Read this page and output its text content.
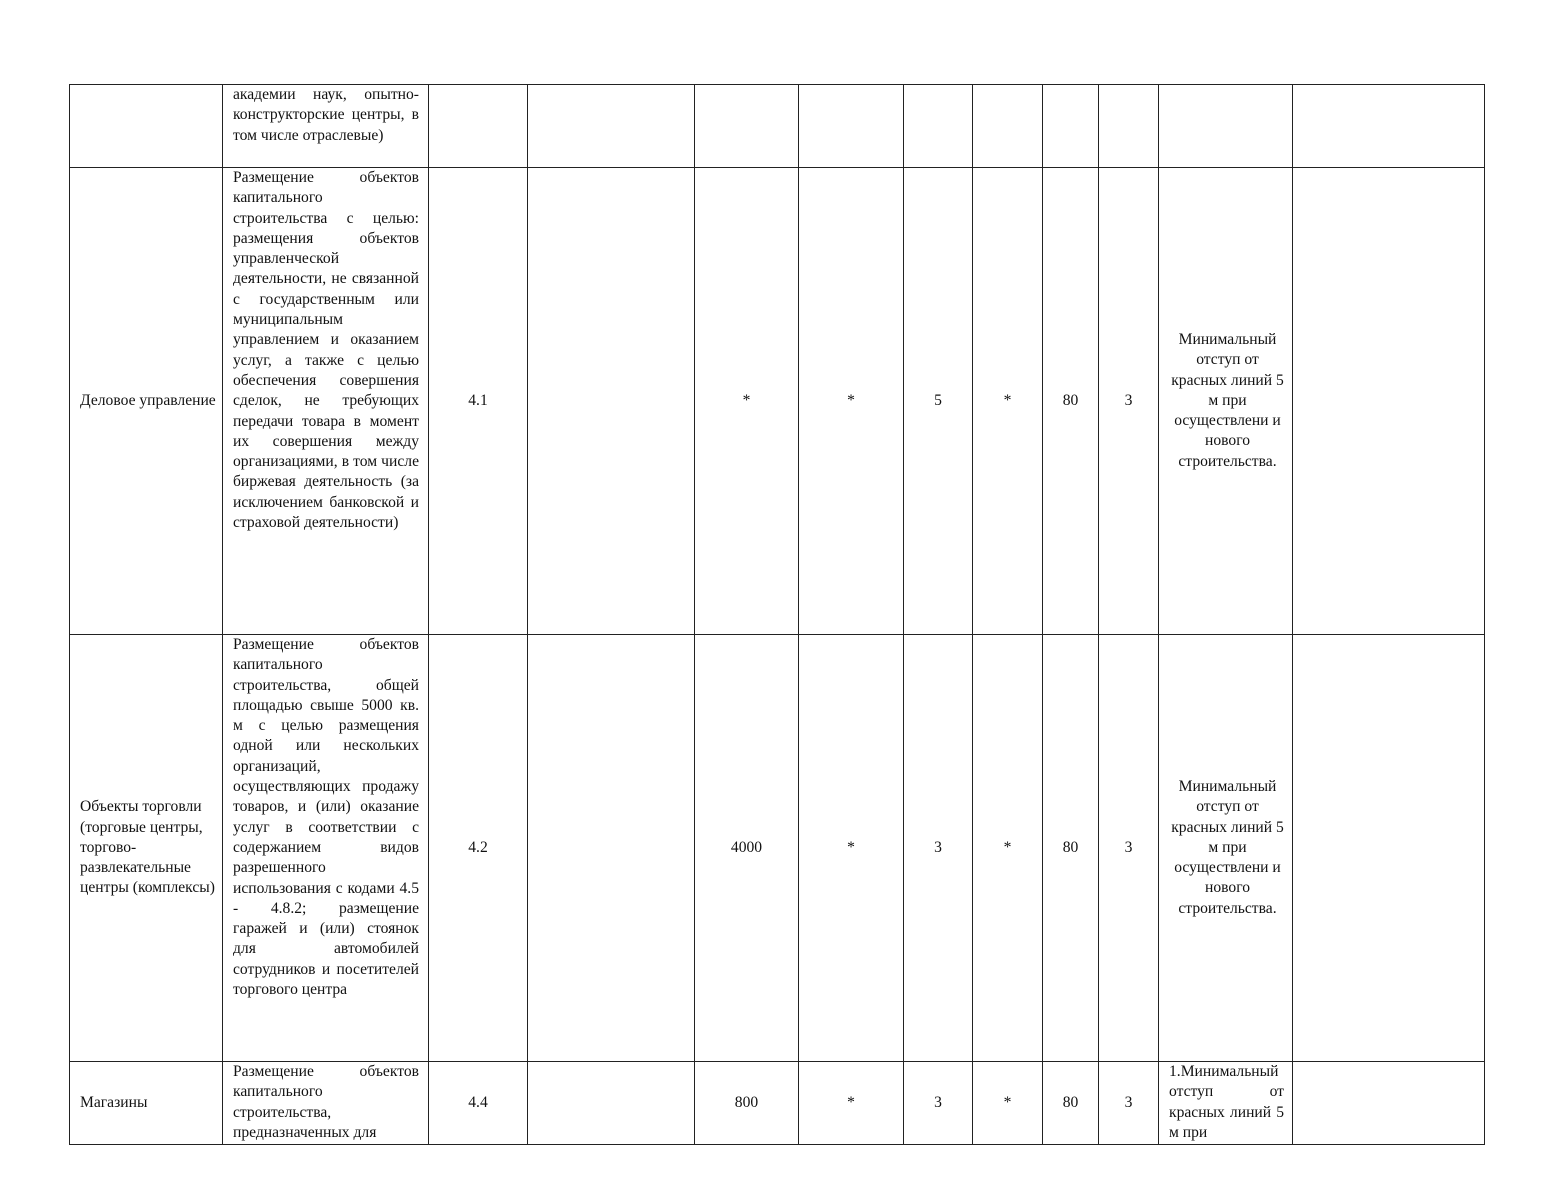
	академии наук, опытно-конструкторские центры, в том числе отраслевые)										

Деловое управление	Размещение объектов капитального строительства с целью: размещения объектов управленческой деятельности, не связанной с государственным или муниципальным управлением и оказанием услуг, а также с целью обеспечения совершения сделок, не требующих передачи товара в момент их совершения между организациями, в том числе биржевая деятельность (за исключением банковской и страховой деятельности)	4.1		*	*	5	*	80	3	Минимальный отступ от красных линий 5 м при осуществлени и нового строительства.	
Объекты торговли (торговые центры, торгово-развлекательные центры (комплексы)	Размещение объектов капитального строительства, общей площадью свыше 5000 кв. м с целью размещения одной или нескольких организаций, осуществляющих продажу товаров, и (или) оказание услуг в соответствии с содержанием видов разрешенного использования с кодами 4.5 - 4.8.2; размещение гаражей и (или) стоянок для автомобилей сотрудников и посетителей торгового центра	4.2		4000	*	3	*	80	3	Минимальный отступ от красных линий 5 м при осуществлени и нового строительства.	
Магазины	Размещение объектов капитального строительства, предназначенных для	4.4		800	*	3	*	80	3	1.Минимальный отступ от красных линий 5 м при	
